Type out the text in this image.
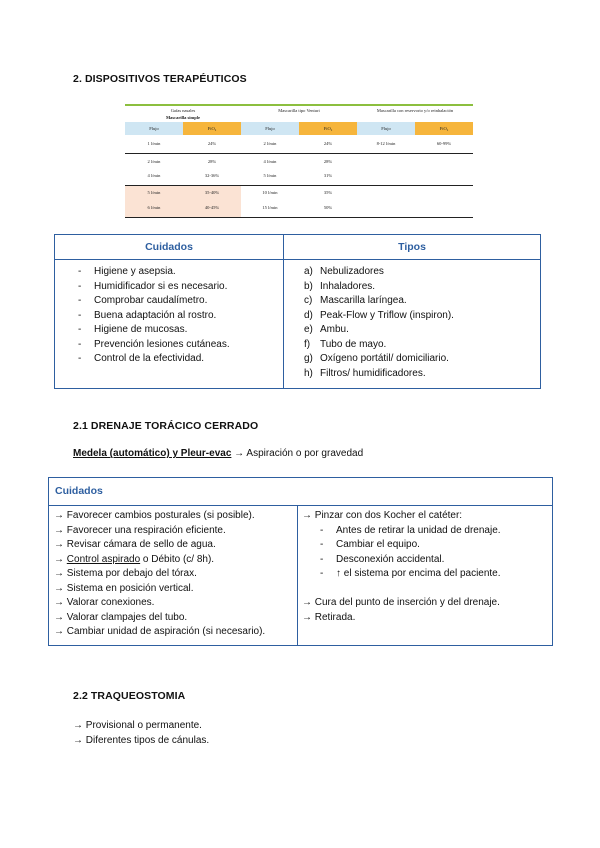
2. DISPOSITIVOS TERAPÉUTICOS
Gafas nasales
Mascarilla simple
Mascarilla tipo Venturi	Mascarilla con reservorio y/o reinhalación
Flujo	FiO₂	Flujo	FiO₂	Flujo	FiO₂
1 l/min	24%	2 l/min	24%	8-12 l/min	60-99%
2 l/min	28%	4 l/min	28%
4 l/min	32-36%	5 l/min	31%
5 l/min	35-40%	10 l/min	35%
6 l/min	40-45%	15 l/min	50%
Cuidados	Tipos
- Higiene y asepsia.
- Humidificador si es necesario.
- Comprobar caudalímetro.
- Buena adaptación al rostro.
- Higiene de mucosas.
- Prevención lesiones cutáneas.
- Control de la efectividad.
a) Nebulizadores
b) Inhaladores.
c) Mascarilla laríngea.
d) Peak-Flow y Triflow (inspiron).
e) Ambu.
f) Tubo de mayo.
g) Oxígeno portátil/ domiciliario.
h) Filtros/ humidificadores.
2.1 DRENAJE TORÁCICO CERRADO
Medela (automático) y Pleur-evac → Aspiración o por gravedad
Cuidados
→ Favorecer cambios posturales (si posible).
→ Favorecer una respiración eficiente.
→ Revisar cámara de sello de agua.
→ Control aspirado o Débito (c/ 8h).
→ Sistema por debajo del tórax.
→ Sistema en posición vertical.
→ Valorar conexiones.
→ Valorar clampajes del tubo.
→ Cambiar unidad de aspiración (si necesario).
→ Pinzar con dos Kocher el catéter:
- Antes de retirar la unidad de drenaje.
- Cambiar el equipo.
- Desconexión accidental.
- ↑ el sistema por encima del paciente.
→ Cura del punto de inserción y del drenaje.
→ Retirada.
2.2 TRAQUEOSTOMIA
→ Provisional o permanente.
→ Diferentes tipos de cánulas.
